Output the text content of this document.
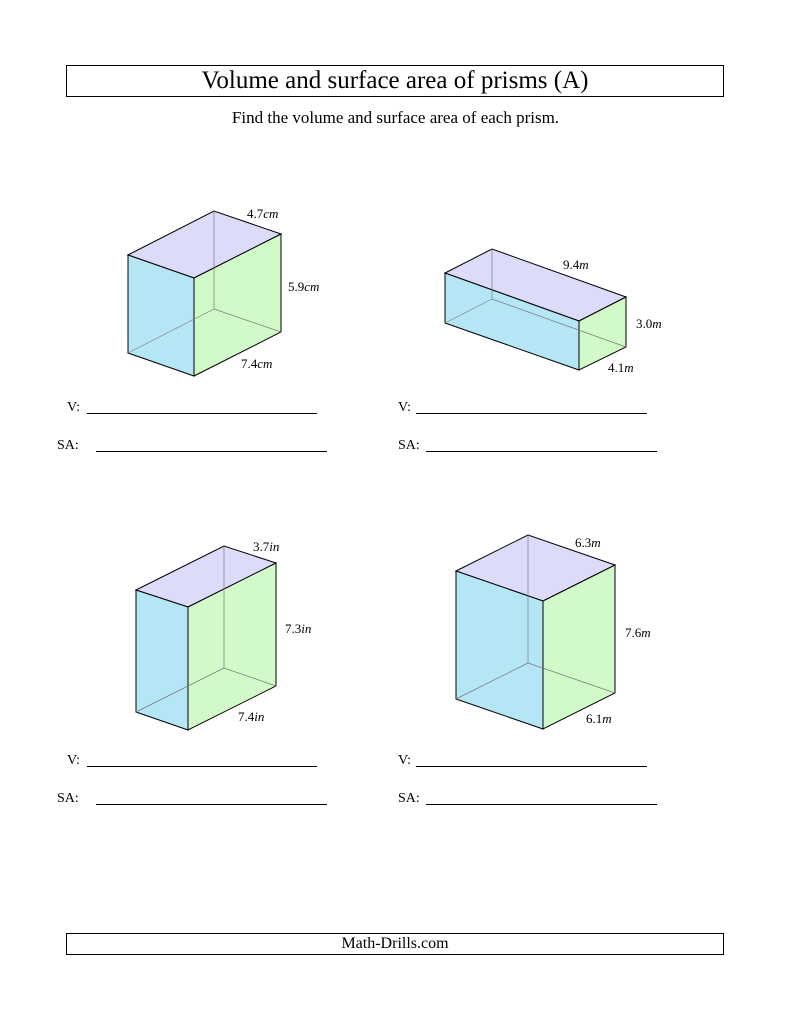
Volume and surface area of prisms (A)
Find the volume and surface area of each prism.
4.7cm
5.9cm
7.4cm
9.4m
3.0m
4.1m
3.7in
7.3in
7.4in
6.3m
7.6m
6.1m
V:
SA:
V:
SA:
V:
SA:
V:
SA:
Math-Drills.com
